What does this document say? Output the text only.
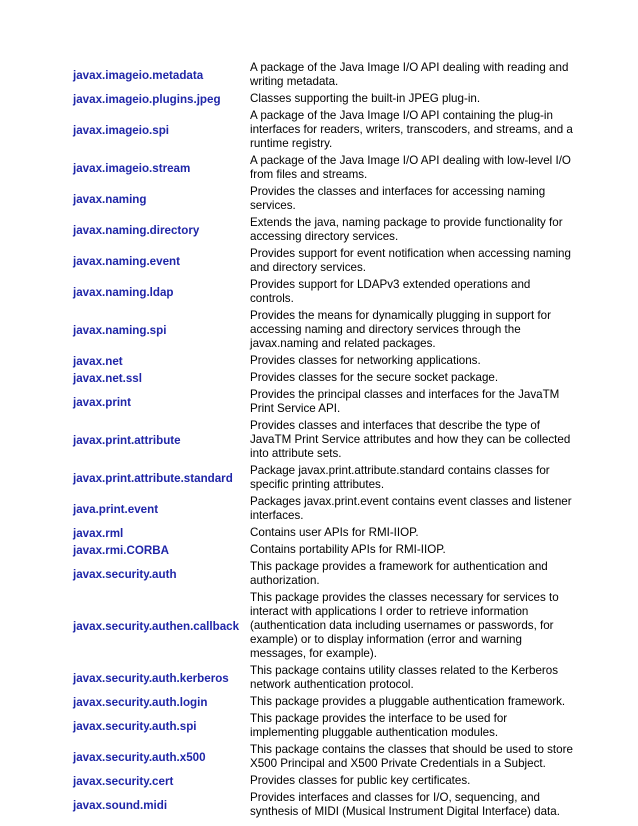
javax.imageio.metadata	A package of the Java Image I/O API dealing with reading and writing metadata.
javax.imageio.plugins.jpeg	Classes supporting the built-in JPEG plug-in.
javax.imageio.spi	A package of the Java Image I/O API containing the plug-in interfaces for readers, writers, transcoders, and streams, and a runtime registry.
javax.imageio.stream	A package of the Java Image I/O API dealing with low-level I/O from files and streams.
javax.naming	Provides the classes and interfaces for accessing naming services.
javax.naming.directory	Extends the java, naming package to provide functionality for accessing directory services.
javax.naming.event	Provides support for event notification when accessing naming and directory services.
javax.naming.ldap	Provides support for LDAPv3 extended operations and controls.
javax.naming.spi	Provides the means for dynamically plugging in support for accessing naming and directory services through the javax.naming and related packages.
javax.net	Provides classes for networking applications.
javax.net.ssl	Provides classes for the secure socket package.
javax.print	Provides the principal classes and interfaces for the JavaTM Print Service API.
javax.print.attribute	Provides classes and interfaces that describe the type of JavaTM Print Service attributes and how they can be collected into attribute sets.
javax.print.attribute.standard	Package javax.print.attribute.standard contains classes for specific printing attributes.
java.print.event	Packages javax.print.event contains event classes and listener interfaces.
javax.rml	Contains user APIs for RMI-IIOP.
javax.rmi.CORBA	Contains portability APIs for RMI-IIOP.
javax.security.auth	This package provides a framework for authentication and authorization.
javax.security.authen.callback	This package provides the classes necessary for services to interact with applications I order to retrieve information (authentication data including usernames or passwords, for example) or to display information (error and warning messages, for example).
javax.security.auth.kerberos	This package contains utility classes related to the Kerberos network authentication protocol.
javax.security.auth.login	This package provides a pluggable authentication framework.
javax.security.auth.spi	This package provides the interface to be used for implementing pluggable authentication modules.
javax.security.auth.x500	This package contains the classes that should be used to store X500 Principal and X500 Private Credentials in a Subject.
javax.security.cert	Provides classes for public key certificates.
javax.sound.midi	Provides interfaces and classes for I/O, sequencing, and synthesis of MIDI (Musical Instrument Digital Interface) data.
